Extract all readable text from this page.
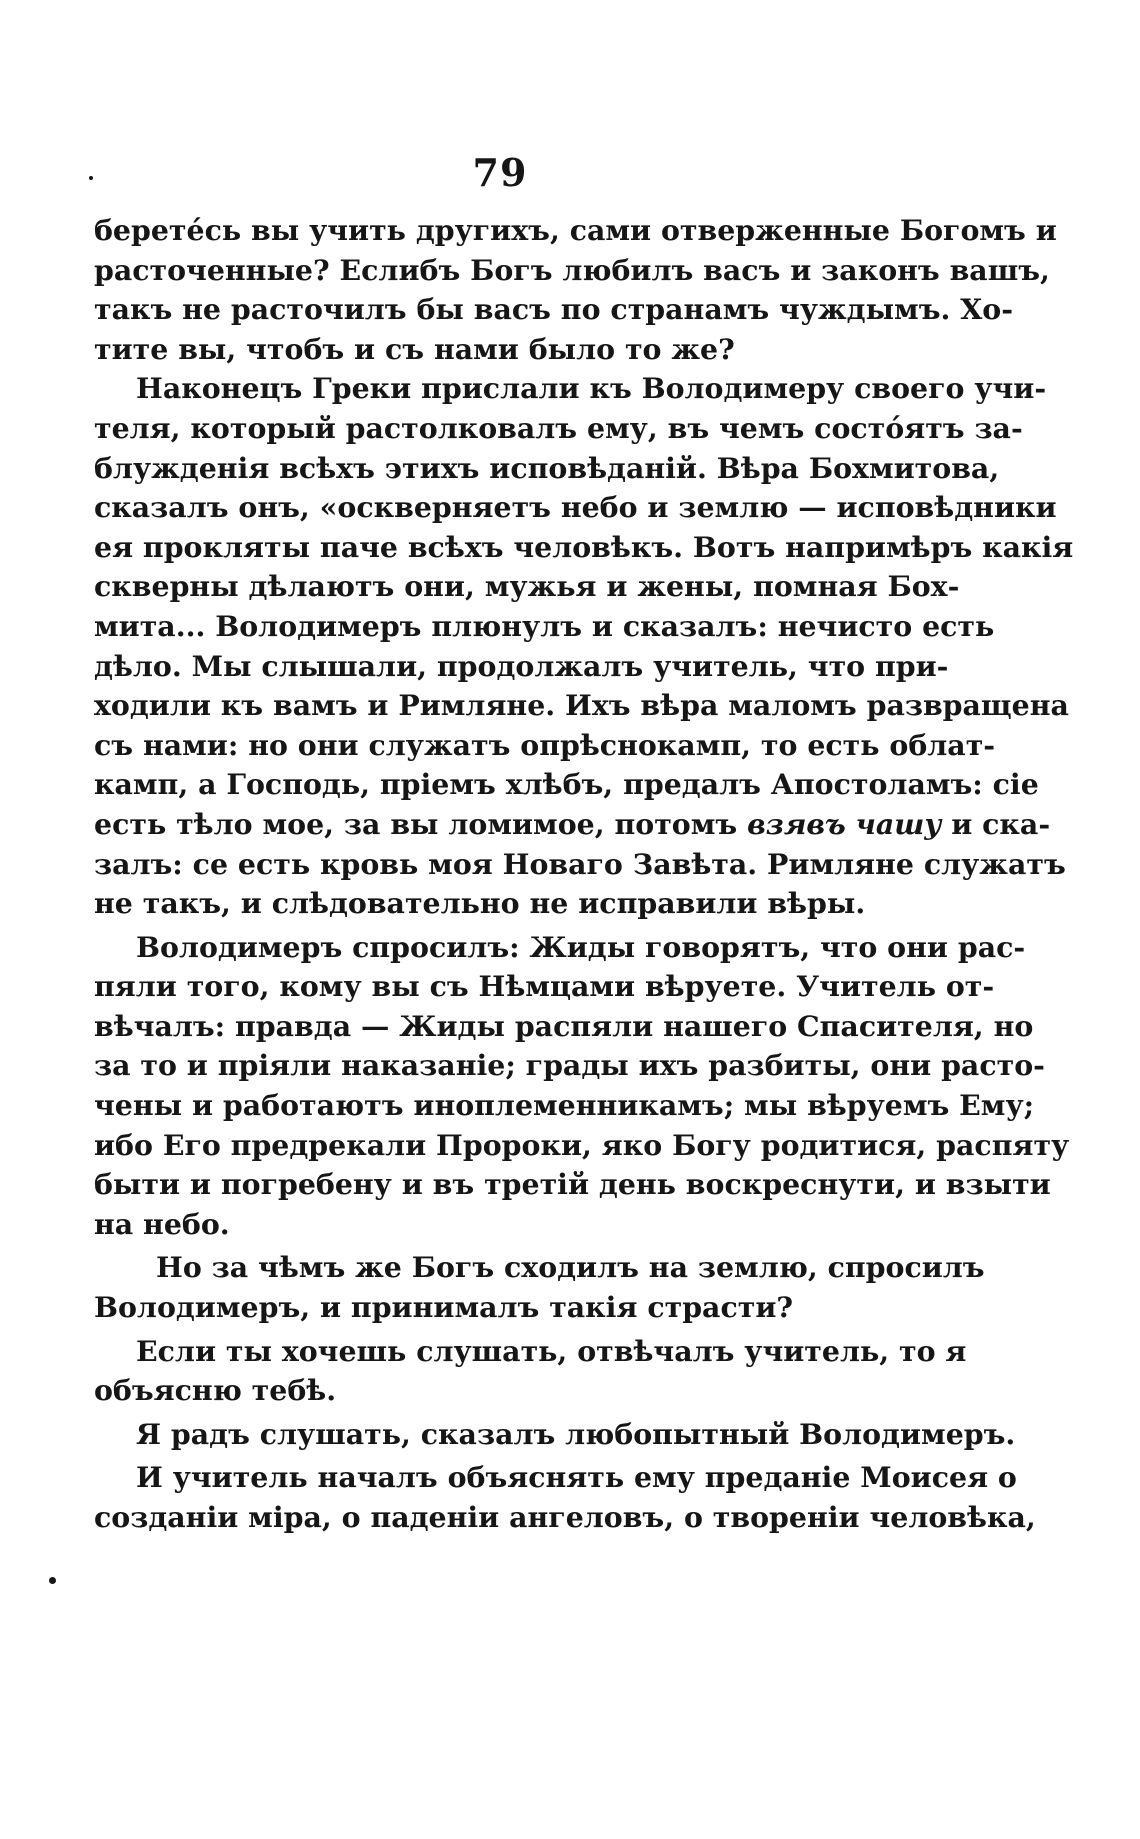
79
берете́сь вы учить другихъ, сами отверженные Богомъ и
расточенные? Еслибъ Богъ любилъ васъ и законъ вашъ,
такъ не расточилъ бы васъ по странамъ чуждымъ. Хо-
тите вы, чтобъ и съ нами было то же?
Наконецъ Греки прислали къ Володимеру своего учи-
теля, который растолковалъ ему, въ чемъ состо́ятъ за-
блужденія всѣхъ этихъ исповѣданій. Вѣра Бохмитова,
сказалъ онъ, «оскверняетъ небо и землю — исповѣдники
ея прокляты паче всѣхъ человѣкъ. Вотъ напримѣръ какія
скверны дѣлаютъ они, мужья и жены, помная Бох-
мита... Володимеръ плюнулъ и сказалъ: нечисто есть
дѣло. Мы слышали, продолжалъ учитель, что при-
ходили къ вамъ и Римляне. Ихъ вѣра маломъ развращена
съ нами: но они служатъ опрѣснокамп, то есть облат-
камп, а Господь, пріемъ хлѣбъ, предалъ Апостоламъ: сіе
есть тѣло мое, за вы ломимое, потомъ взявъ чашу и ска-
залъ: се есть кровь моя Новаго Завѣта. Римляне служатъ
не такъ, и слѣдовательно не исправили вѣры.
Володимеръ спросилъ: Жиды говорятъ, что они рас-
пяли того, кому вы съ Нѣмцами вѣруете. Учитель от-
вѣчалъ: правда — Жиды распяли нашего Спасителя, но
за то и пріяли наказаніе; грады ихъ разбиты, они расто-
чены и работаютъ иноплеменникамъ; мы вѣруемъ Ему;
ибо Его предрекали Пророки, яко Богу родитися, распяту
быти и погребену и въ третій день воскреснути, и взыти
на небо.
Но за чѣмъ же Богъ сходилъ на землю, спросилъ
Володимеръ, и принималъ такія страсти?
Если ты хочешь слушать, отвѣчалъ учитель, то я
объясню тебѣ.
Я радъ слушать, сказалъ любопытный Володимеръ.
И учитель началъ объяснять ему преданіе Моисея о
созданіи міра, о паденіи ангеловъ, о твореніи человѣка,
